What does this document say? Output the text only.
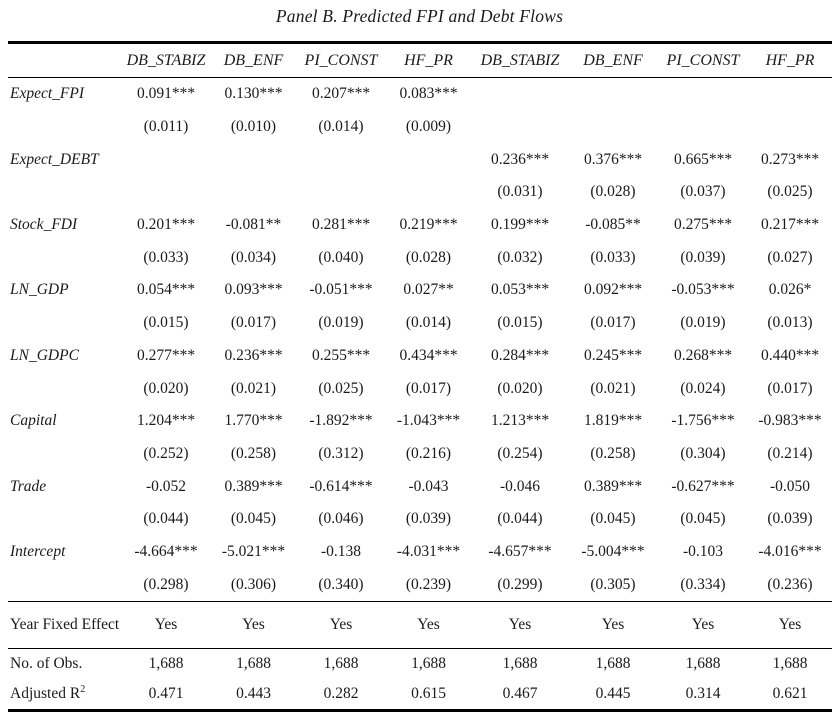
Panel B. Predicted FPI and Debt Flows
	DB_STABIZ	DB_ENF	PI_CONST	HF_PR	DB_STABIZ	DB_ENF	PI_CONST	HF_PR
Expect_FPI	0.091***	0.130***	0.207***	0.083***				
	(0.011)	(0.010)	(0.014)	(0.009)				
Expect_DEBT					0.236***	0.376***	0.665***	0.273***
					(0.031)	(0.028)	(0.037)	(0.025)
Stock_FDI	0.201***	-0.081**	0.281***	0.219***	0.199***	-0.085**	0.275***	0.217***
	(0.033)	(0.034)	(0.040)	(0.028)	(0.032)	(0.033)	(0.039)	(0.027)
LN_GDP	0.054***	0.093***	-0.051***	0.027**	0.053***	0.092***	-0.053***	0.026*
	(0.015)	(0.017)	(0.019)	(0.014)	(0.015)	(0.017)	(0.019)	(0.013)
LN_GDPC	0.277***	0.236***	0.255***	0.434***	0.284***	0.245***	0.268***	0.440***
	(0.020)	(0.021)	(0.025)	(0.017)	(0.020)	(0.021)	(0.024)	(0.017)
Capital	1.204***	1.770***	-1.892***	-1.043***	1.213***	1.819***	-1.756***	-0.983***
	(0.252)	(0.258)	(0.312)	(0.216)	(0.254)	(0.258)	(0.304)	(0.214)
Trade	-0.052	0.389***	-0.614***	-0.043	-0.046	0.389***	-0.627***	-0.050
	(0.044)	(0.045)	(0.046)	(0.039)	(0.044)	(0.045)	(0.045)	(0.039)
Intercept	-4.664***	-5.021***	-0.138	-4.031***	-4.657***	-5.004***	-0.103	-4.016***
	(0.298)	(0.306)	(0.340)	(0.239)	(0.299)	(0.305)	(0.334)	(0.236)
Year Fixed Effect	Yes	Yes	Yes	Yes	Yes	Yes	Yes	Yes
No. of Obs.	1,688	1,688	1,688	1,688	1,688	1,688	1,688	1,688
Adjusted $R^2$	0.471	0.443	0.282	0.615	0.467	0.445	0.314	0.621
